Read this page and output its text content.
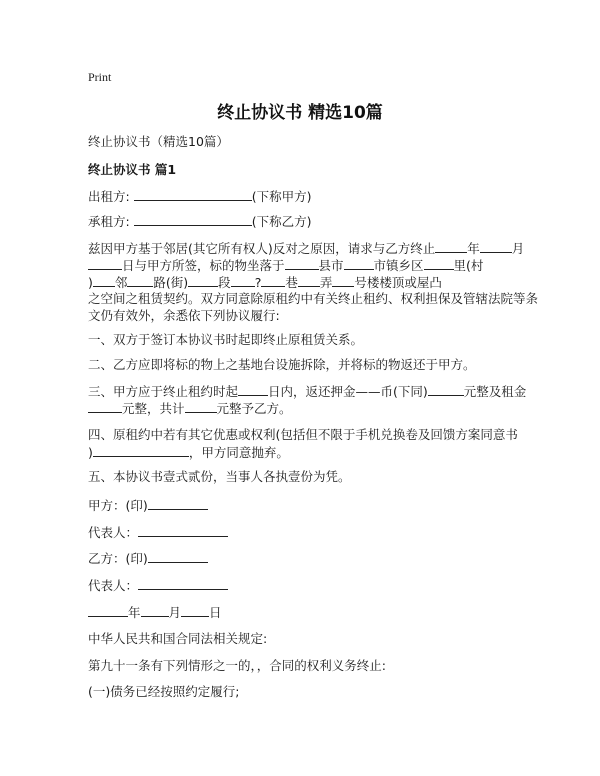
Print
终止协议书 精选10篇
终止协议书（精选10篇）
终止协议书 篇1
出租方:	(下称甲方)
承租方:	(下称乙方)
兹因甲方基于邻居(其它所有权人)反对之原因，请求与乙方终止	年	月
日与甲方所签，标的物坐落于	县市 市镇乡区 里(村
) 邻 路(街) 段 ? 巷 弄 号楼楼顶或屋凸
之空间之租赁契约。双方同意除原租约中有关终止租约、权利担保及管辖法院等条
文仍有效外，余悉依下列协议履行:
一、双方于签订本协议书时起即终止原租赁关系。
二、乙方应即将标的物上之基地台设施拆除，并将标的物返还于甲方。
三、甲方应于终止租约时起 日内，返还押金——币(下同)	元整及租金
元整，共计	元整予乙方。
四、原租约中若有其它优惠或权利(包括但不限于手机兑换卷及回馈方案同意书
)	，甲方同意抛弃。
五、本协议书壹式贰份，当事人各执壹份为凭。
甲方：(印)
代表人：
乙方：(印)
代表人：
年 月 日
中华人民共和国合同法相关规定:
第九十一条有下列情形之一的，，合同的权利义务终止:
(一)债务已经按照约定履行;
